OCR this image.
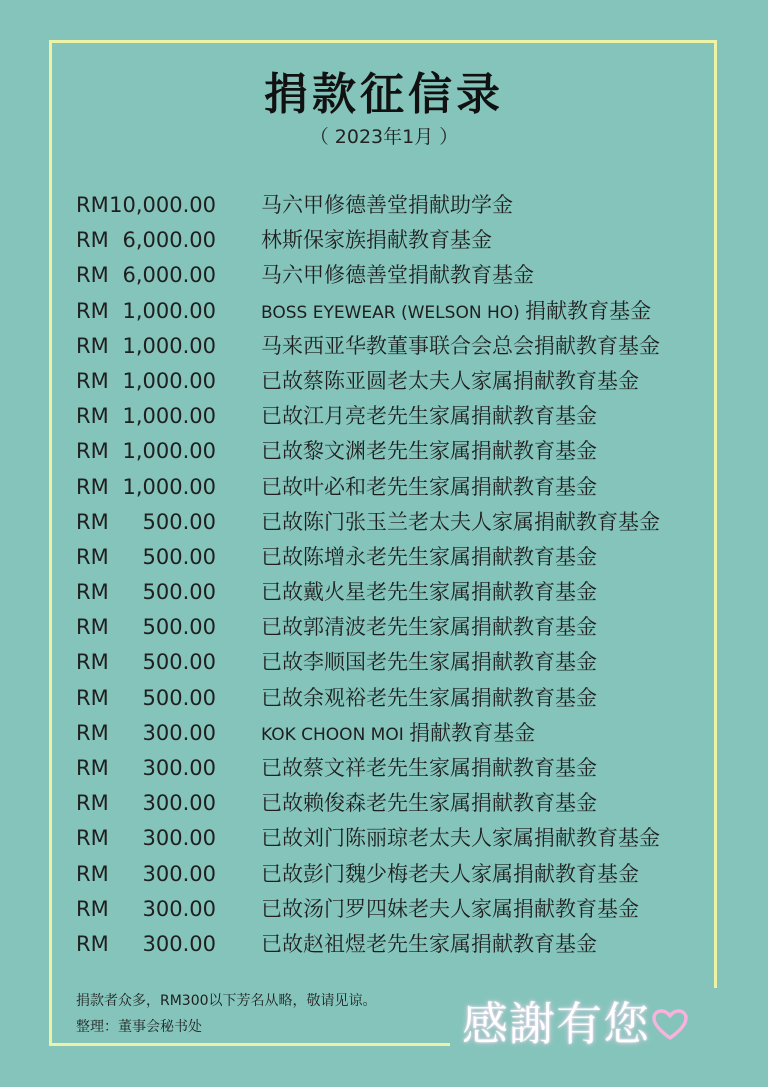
捐款征信录
（ 2023年1月 ）
RM 10,000.00 马六甲修德善堂捐献助学金
RM 6,000.00 林斯保家族捐献教育基金
RM 6,000.00 马六甲修德善堂捐献教育基金
RM 1,000.00	BOSS EYEWEAR (WELSON HO) 捐献教育基金
RM 1,000.00 马来西亚华教董事联合会总会捐献教育基金
RM 1,000.00 已故蔡陈亚圆老太夫人家属捐献教育基金
RM 1,000.00 已故江月亮老先生家属捐献教育基金
RM 1,000.00 已故黎文渊老先生家属捐献教育基金
RM 1,000.00 已故叶必和老先生家属捐献教育基金
RM 500.00 已故陈门张玉兰老太夫人家属捐献教育基金
RM 500.00 已故陈增永老先生家属捐献教育基金
RM 500.00 已故戴火星老先生家属捐献教育基金
RM 500.00 已故郭清波老先生家属捐献教育基金
RM 500.00 已故李顺国老先生家属捐献教育基金
RM 500.00 已故余观裕老先生家属捐献教育基金
RM 300.00	KOK CHOON MOI 捐献教育基金
RM 300.00 已故蔡文祥老先生家属捐献教育基金
RM 300.00 已故赖俊森老先生家属捐献教育基金
RM 300.00 已故刘门陈丽琼老太夫人家属捐献教育基金
RM 300.00 已故彭门魏少梅老夫人家属捐献教育基金
RM 300.00 已故汤门罗四妹老夫人家属捐献教育基金
RM 300.00 已故赵祖煜老先生家属捐献教育基金
捐款者众多，RM300以下芳名从略，敬请见谅。
整理：董事会秘书处	感謝有您
